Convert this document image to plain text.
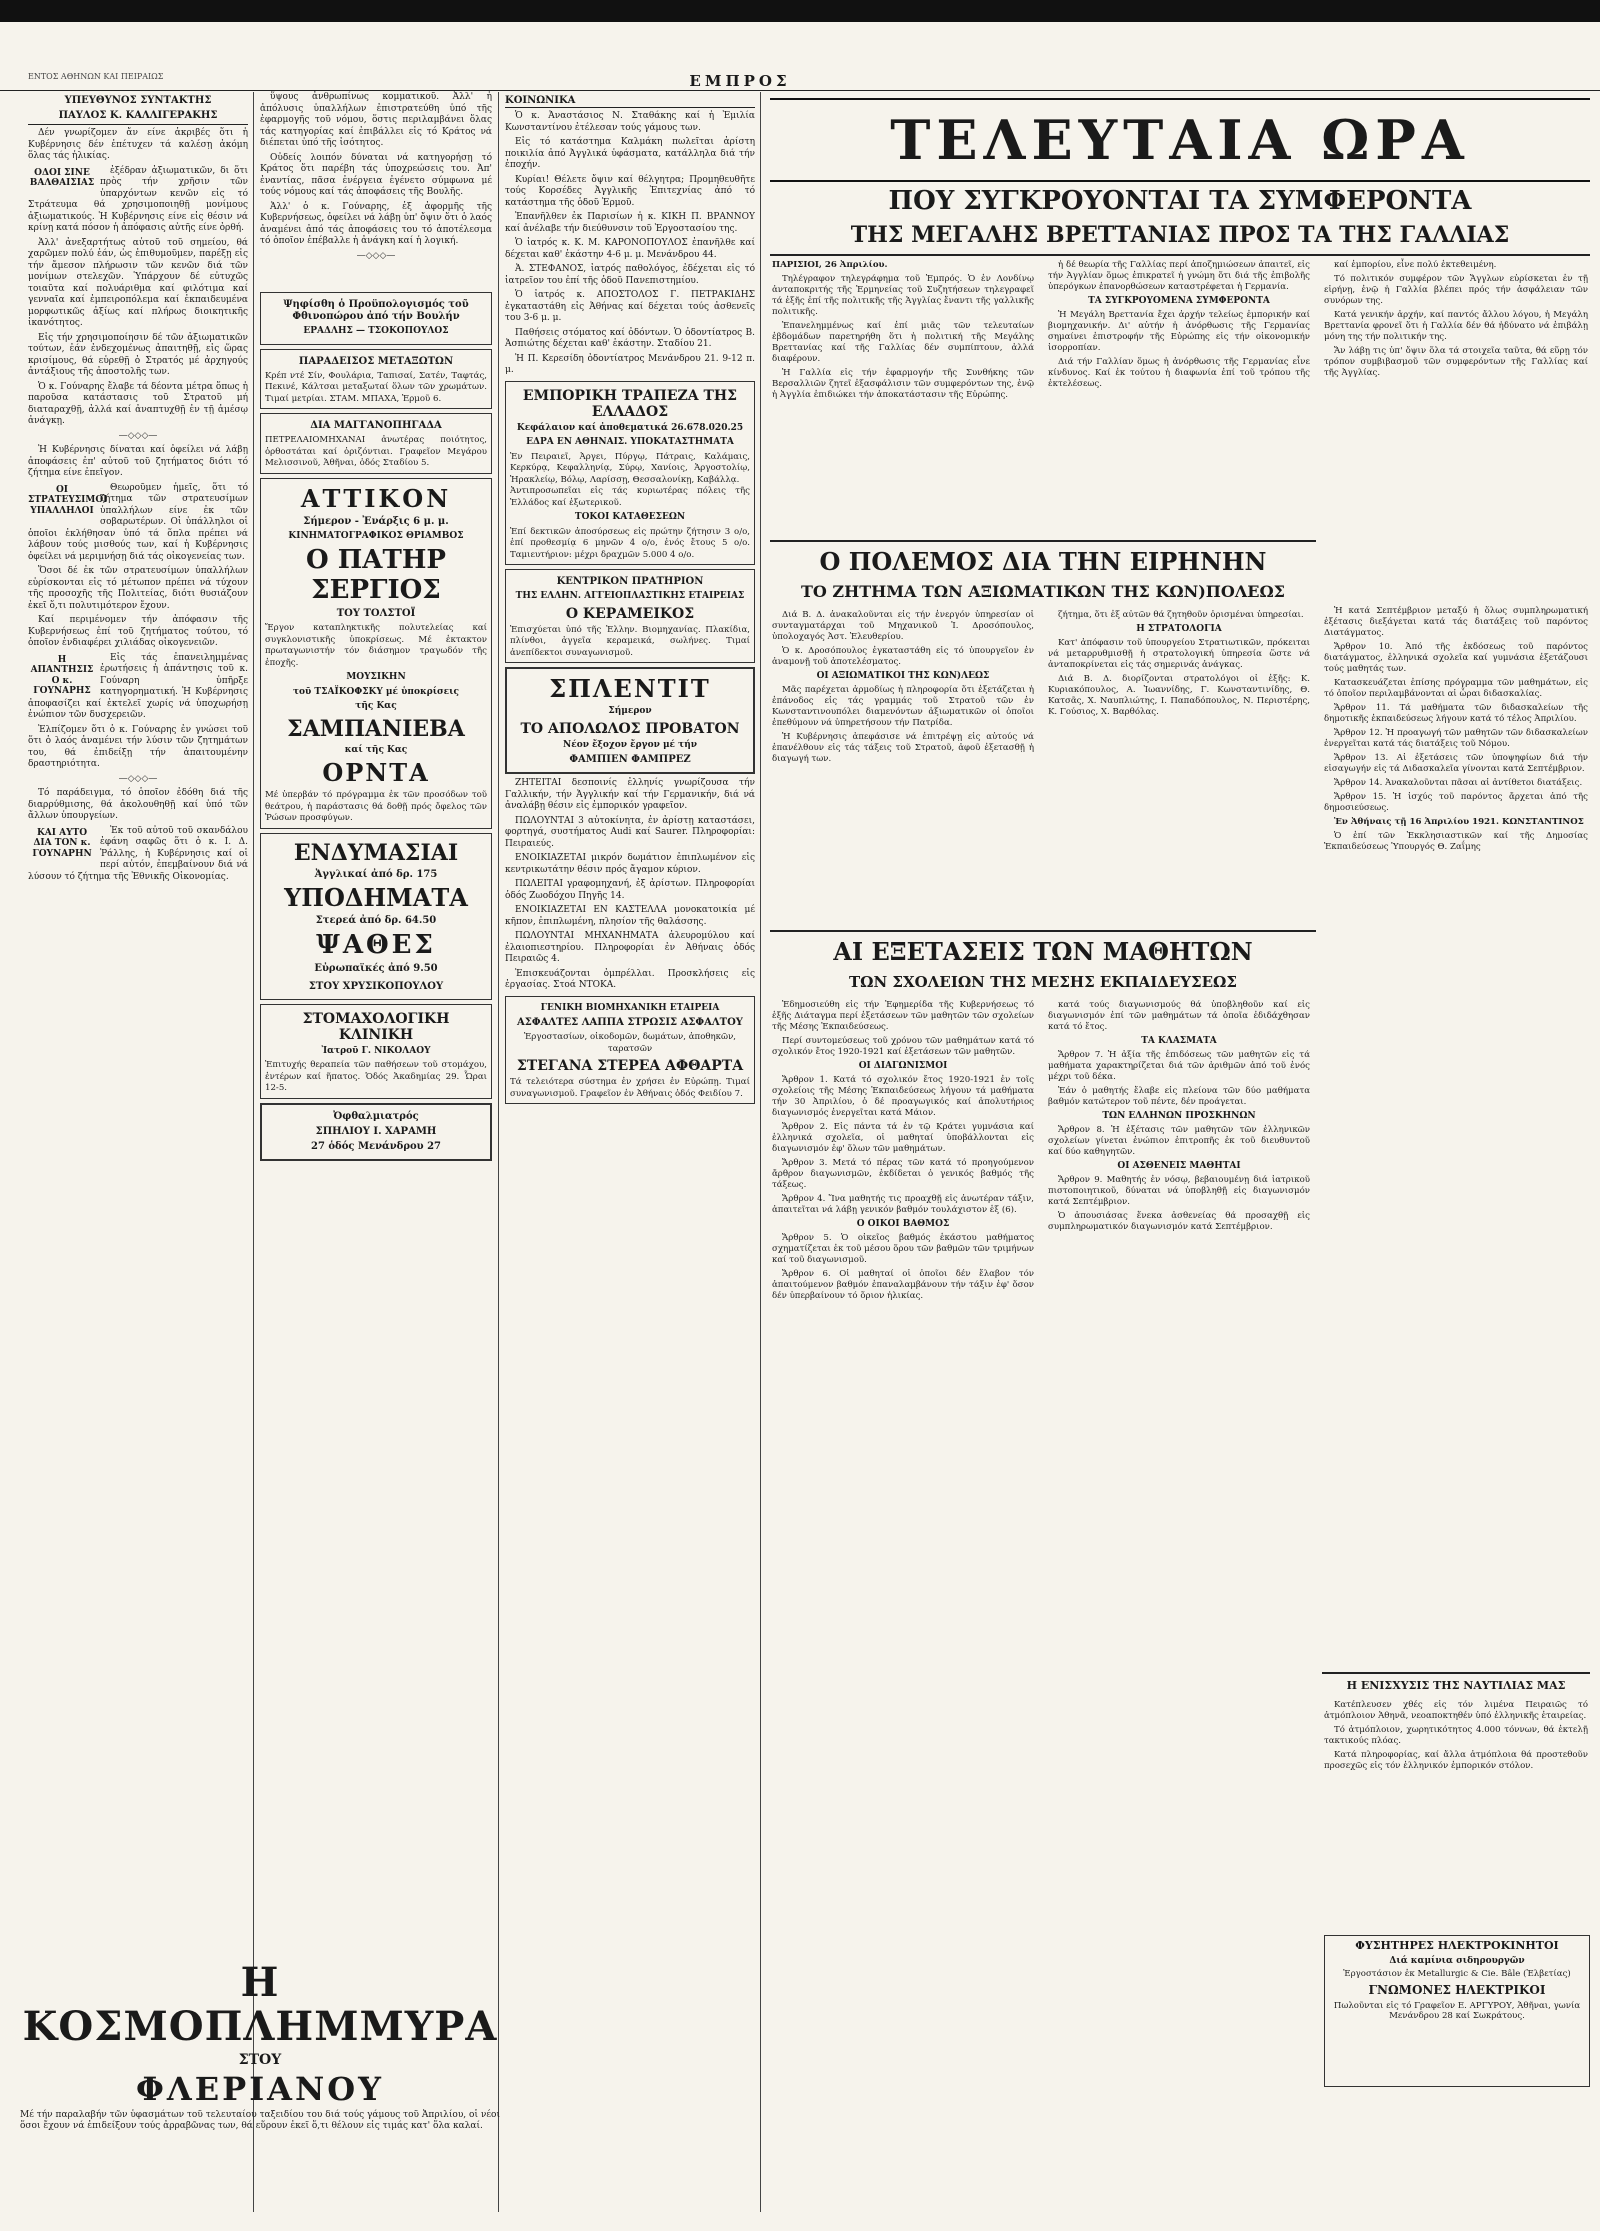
ΕΝΤΟΣ ΑΘΗΝΩΝ ΚΑΙ ΠΕΙΡΑΙΩΣ	ΕΜΠΡΟΣ
ΥΠΕΥΘΥΝΟΣ ΣΥΝΤΑΚΤΗΣ
ΠΑΥΛΟΣ Κ. ΚΑΛΛΙΓΕΡΑΚΗΣ

Δέν γνωρίζομεν ἄν είνε ἀκριβές ὅτι ἡ Κυβέρνησις δέν ἐπέτυχεν τά καλέσῃ ἀκόμη ὅλας τάς ἡλικίας.

ΟΔΟΙ ΣΙΝΕ ΒΑΛΘΑΙΣΙΑΣ

ἐξέδραν ἀξιωματικῶν, δι ὅτι πρὸς τήν χρῆσιν τῶν ὑπαρχόντων κενῶν εἰς τό Στράτευμα θά χρησιμοποιηθῇ μονίμους ἀξιωματικούς. Ἡ Κυβέρνησις είνε εἰς θέσιν νά κρίνῃ κατά πόσον ἡ ἀπόφασις αὐτῆς είνε ὀρθή.

Ἀλλ' ἀνεξαρτήτως αὐτοῦ τοῦ σημείου, θά χαρῶμεν πολύ ἐάν, ὡς ἐπιθυμοῦμεν, παρέξῃ εἰς τήν ἄμεσον πλήρωσιν τῶν κενῶν διά τῶν μονίμων στελεχῶν. Ὑπάρχουν δέ εὐτυχῶς τοιαῦτα καί πολυάριθμα καί φιλότιμα καί γενναῖα καί ἐμπειροπόλεμα καί ἐκπαιδευμένα μορφωτικῶς ἀξίως καί πλήρως διοικητικῆς ἱκανότητος.

Εἰς τήν χρησιμοποίησιν δέ τῶν ἀξιωματικῶν τούτων, ἐάν ἐνδεχομένως ἀπαιτηθῇ, εἰς ὥρας κρισίμους, θά εὑρεθῇ ὁ Στρατός μέ ἀρχηγούς ἀντάξιους τῆς ἀποστολῆς των.

Ὁ κ. Γούναρης ἔλαβε τά δέοντα μέτρα ὅπως ἡ παροῦσα κατάστασις τοῦ Στρατοῦ μή διαταραχθῇ, ἀλλά καί ἀναπτυχθῇ ἐν τῇ ἀμέσῳ ἀνάγκῃ.

—◇◇◇—

Ἡ Κυβέρνησις δίναται καί ὀφείλει νά λάβῃ ἀποφάσεις ἐπ' αὐτοῦ τοῦ ζητήματος διότι τό ζήτημα είνε ἐπεῖγον.

ΟΙ ΣΤΡΑΤΕΥΣΙΜΟΙ ΥΠΑΛΛΗΛΟΙ

Θεωροῦμεν ἡμεῖς, ὅτι τό ζήτημα τῶν στρατευσίμων ὑπαλλήλων είνε ἐκ τῶν σοβαρωτέρων. Οἱ ὑπάλληλοι οἱ ὁποῖοι ἐκλήθησαν ὑπό τά ὅπλα πρέπει νά λάβουν τούς μισθούς των, καί ἡ Κυβέρνησις ὀφείλει νά μεριμνήσῃ διά τάς οἰκογενείας των.

Ὅσοι δέ ἐκ τῶν στρατευσίμων ὑπαλλήλων εὑρίσκονται εἰς τό μέτωπον πρέπει νά τύχουν τῆς προσοχῆς τῆς Πολιτείας, διότι θυσιάζουν ἐκεῖ ὅ,τι πολυτιμότερον ἔχουν.

Καί περιμένομεν τήν ἀπόφασιν τῆς Κυβερνήσεως ἐπί τοῦ ζητήματος τούτου, τό ὁποῖον ἐνδιαφέρει χιλιάδας οἰκογενειῶν.

Η ΑΠΑΝΤΗΣΙΣ Ο κ. ΓΟΥΝΑΡΗΣ

Εἰς τάς ἐπανειλημμένας ἐρωτήσεις ἡ ἀπάντησις τοῦ κ. Γούναρη ὑπῆρξε κατηγορηματική. Ἡ Κυβέρνησις ἀποφασίζει καί ἐκτελεῖ χωρίς νά ὑποχωρήσῃ ἐνώπιον τῶν δυσχερειῶν.

Ἐλπίζομεν ὅτι ὁ κ. Γούναρης ἐν γνώσει τοῦ ὅτι ὁ λαός ἀναμένει τήν λύσιν τῶν ζητημάτων του, θά ἐπιδείξῃ τήν ἀπαιτουμένην δραστηριότητα.

—◇◇◇—

Τό παράδειγμα, τό ὁποῖον ἐδόθη διά τῆς διαρρύθμισης, θά ἀκολουθηθῇ καί ὑπό τῶν ἄλλων ὑπουργείων.

ΚΑΙ ΑΥΤΟ ΔΙΑ ΤΟΝ κ. ΓΟΥΝΑΡΗΝ

Ἐκ τοῦ αὐτοῦ τοῦ σκανδάλου ἐφάνη σαφῶς ὅτι ὁ κ. Ι. Δ. Ῥάλλης, ἡ Κυβέρνησις καί οἱ περί αὐτόν, ἐπεμβαίνουν διά νά λύσουν τό ζήτημα τῆς Ἐθνικῆς Οἰκονομίας.

Η ΚΟΣΜΟΠΛΗΜΜΥΡΑ
ΣΤΟΥ
ΦΛΕΡΙΑΝΟΥ
Μέ τήν παραλαβήν τῶν ὑφασμάτων τοῦ τελευταίου ταξειδίου του διά τούς γάμους τοῦ Ἀπριλίου, οἱ νέοι ὅσοι ἔχουν νά ἐπιδείξουν τούς ἀρραβῶνας των, θά εὕρουν ἐκεῖ ὅ,τι θέλουν εἰς τιμάς κατ' ὅλα καλαί.

ὕψους ἀνθρωπίνως κομματικοῦ. Ἀλλ' ἡ ἀπόλυσις ὑπαλλήλων ἐπιστρατεύθη ὑπό τῆς ἐφαρμογῆς τοῦ νόμου, ὅστις περιλαμβάνει ὅλας τάς κατηγορίας καί ἐπιβάλλει εἰς τό Κράτος νά διέπεται ὑπό τῆς ἰσότητος.

Οὐδείς λοιπόν δύναται νά κατηγορήσῃ τό Κράτος ὅτι παρέβη τάς ὑποχρεώσεις του. Ἀπ' ἐναντίας, πᾶσα ἐνέργεια ἐγένετο σύμφωνα μέ τούς νόμους καί τάς ἀποφάσεις τῆς Βουλῆς.

Ἀλλ' ὁ κ. Γούναρης, ἐξ ἀφορμῆς τῆς Κυβερνήσεως, ὀφείλει νά λάβῃ ὑπ' ὄψιν ὅτι ὁ λαός ἀναμένει ἀπό τάς ἀποφάσεις του τό ἀποτέλεσμα τό ὁποῖον ἐπέβαλλε ἡ ἀνάγκη καί ἡ λογική.

—◇◇◇—
Ψηφίσθη ὁ Προϋπολογισμός τοῦ Φθινοπώρου ἀπό τήν Βουλήν
ΕΡΑΔΛΗΣ — ΤΣΟΚΟΠΟΥΛΟΣ
ΠΑΡΑΔΕΙΣΟΣ ΜΕΤΑΞΩΤΩΝ
Κρέπ ντέ Σίν, Φουλάρια, Ταπισαί, Σατέν, Ταφτάς, Πεκινέ, Κάλτσαι μεταξωταί ὅλων τῶν χρωμάτων. Τιμαί μετρίαι. ΣΤΑΜ. ΜΠΑΧΑ, Ἑρμοῦ 6.
ΔΙΑ ΜΑΓΓΑΝΟΠΗΓΑΔΑ
ΠΕΤΡΕΛΑΙΟΜΗΧΑΝΑΙ ἀνωτέρας ποιότητος, ὀρθοστάται καί ὁριζόντιαι. Γραφεῖον Μεγάρου Μελισσινοῦ, Ἀθῆναι, ὁδός Σταδίου 5.
ΑΤΤΙΚΟΝ
Σήμερον - Ἐνάρξις 6 μ. μ.
ΚΙΝΗΜΑΤΟΓΡΑΦΙΚΟΣ ΘΡΙΑΜΒΟΣ
Ο ΠΑΤΗΡ ΣΕΡΓΙΟΣ
ΤΟΥ ΤΟΛΣΤΟΪ
Ἔργον καταπληκτικῆς πολυτελείας καί συγκλονιστικῆς ὑποκρίσεως. Μέ ἐκτακτον πρωταγωνιστήν τόν διάσημον τραγωδόν τῆς ἐποχῆς.
ΜΟΥΣΙΚΗΝ
τοῦ ΤΣΑΪΚΟΦΣΚΥ μέ ὑποκρίσεις
τῆς Κας
ΣΑΜΠΑΝΙΕΒΑ
καί τῆς Κας
ΟΡΝΤΑ
Μέ ὑπερβάν τό πρόγραμμα ἐκ τῶν προσόδων τοῦ θεάτρου, ἡ παράστασις θά δοθῇ πρός ὄφελος τῶν Ῥώσων προσφύγων.
ΕΝΔΥΜΑΣΙΑΙ
Ἀγγλικαί ἀπό δρ. 175
ΥΠΟΔΗΜΑΤΑ
Στερεά ἀπό δρ. 64.50
ΨΑΘΕΣ
Εὐρωπαϊκές ἀπό 9.50
ΣΤΟΥ ΧΡΥΣΙΚΟΠΟΥΛΟΥ
ΣΤΟΜΑΧΟΛΟΓΙΚΗ ΚΛΙΝΙΚΗ
Ἰατροῦ Γ. ΝΙΚΟΛΑΟΥ
Ἐπιτυχής θεραπεία τῶν παθήσεων τοῦ στομάχου, ἐντέρων καί ἥπατος. Ὁδός Ἀκαδημίας 29. Ὧραι 12-5.
Ὀφθαλμιατρός
ΣΠΗΛΙΟΥ Ι. ΧΑΡΑΜΗ
27 ὁδός Μενάνδρου 27
ΚΟΙΝΩΝΙΚΑ

Ὁ κ. Ἀναστάσιος Ν. Σταθάκης καί ἡ Ἐμιλία Κωνσταντίνου ἐτέλεσαν τούς γάμους των.

Εἰς τό κατάστημα Καλμάκη πωλεῖται ἀρίστη ποικιλία ἀπό Ἀγγλικά ὑφάσματα, κατάλληλα διά τήν ἐποχήν.

Κυρίαι! Θέλετε ὄψιν καί θέλγητρα; Προμηθευθῆτε τούς Κορσέδες Ἀγγλικῆς Ἐπιτεχνίας ἀπό τό κατάστημα τῆς ὁδοῦ Ἑρμοῦ.

Ἐπανῆλθεν ἐκ Παρισίων ἡ κ. ΚΙΚΗ Π. ΒΡΑΝΝΟΥ καί ἀνέλαβε τήν διεύθυνσιν τοῦ Ἐργοστασίου της.

Ὁ ἰατρός κ. Κ. Μ. ΚΑΡΟΝΟΠΟΥΛΟΣ ἐπανῆλθε καί δέχεται καθ' ἑκάστην 4-6 μ. μ. Μενάνδρου 44.

Ἀ. ΣΤΕΦΑΝΟΣ, ἰατρός παθολόγος, ἐδέχεται εἰς τό ἰατρεῖον του ἐπί τῆς ὁδοῦ Πανεπιστημίου.

Ὁ ἰατρός κ. ΑΠΟΣΤΟΛΟΣ Γ. ΠΕΤΡΑΚΙΔΗΣ ἐγκαταστάθη εἰς Ἀθήνας καί δέχεται τούς ἀσθενεῖς του 3-6 μ. μ.

Παθήσεις στόματος καί ὀδόντων. Ὁ ὀδοντίατρος Β. Ἀσπιώτης δέχεται καθ' ἑκάστην. Σταδίου 21.

Ἡ Π. Κερεσίδη ὀδοντίατρος Μενάνδρου 21. 9-12 π. μ.

ΕΜΠΟΡΙΚΗ ΤΡΑΠΕΖΑ ΤΗΣ ΕΛΛΑΔΟΣ
Κεφάλαιον καί ἀποθεματικά 26.678.020.25
ΕΔΡΑ ΕΝ ΑΘΗΝΑΙΣ. ΥΠΟΚΑΤΑΣΤΗΜΑΤΑ
Ἐν Πειραιεῖ, Ἀργει, Πύργῳ, Πάτραις, Καλάμαις, Κερκύρᾳ, Κεφαλληνίᾳ, Σύρῳ, Χανίοις, Ἀργοστολίῳ, Ἡρακλείῳ, Βόλῳ, Λαρίσσῃ, Θεσσαλονίκῃ, Καβάλλᾳ.
Ἀντιπροσωπεῖαι εἰς τάς κυριωτέρας πόλεις τῆς Ἑλλάδος καί ἐξωτερικοῦ.
ΤΟΚΟΙ ΚΑΤΑΘΕΣΕΩΝ
Ἐπί δεκτικῶν ἀποσύρσεως εἰς πρώτην ζήτησιν 3 ο/ο, ἐπί προθεσμίᾳ 6 μηνῶν 4 ο/ο, ἐνός ἔτους 5 ο/ο. Ταμιευτήριον: μέχρι δραχμῶν 5.000 4 ο/ο.
ΚΕΝΤΡΙΚΟΝ ΠΡΑΤΗΡΙΟΝ
ΤΗΣ ΕΛΛΗΝ. ΑΓΓΕΙΟΠΛΑΣΤΙΚΗΣ ΕΤΑΙΡΕΙΑΣ
Ο ΚΕΡΑΜΕΙΚΟΣ
Ἐπισχύεται ὑπό τῆς Ἑλλην. Βιομηχανίας. Πλακίδια, πλίνθοι, ἀγγεῖα κεραμεικά, σωλήνες. Τιμαί ἀνεπίδεκτοι συναγωνισμοῦ.
ΣΠΛΕΝΤΙΤ
Σήμερον
ΤΟ ΑΠΟΛΩΛΟΣ ΠΡΟΒΑΤΟΝ
Νέον ἔξοχον ἔργον μέ τήν
ΦΑΜΠΙΕΝ ΦΑΜΠΡΕΖ

ΖΗΤΕΙΤΑΙ δεσποινίς ἐλληνίς γνωρίζουσα τήν Γαλλικήν, τήν Ἀγγλικήν καί τήν Γερμανικήν, διά νά ἀναλάβῃ θέσιν εἰς ἐμπορικόν γραφεῖον.

ΠΩΛΟΥΝΤΑΙ 3 αὐτοκίνητα, ἐν ἀρίστῃ καταστάσει, φορτηγά, συστήματος Audi καί Saurer. Πληροφορίαι: Πειραιεύς.

ΕΝΟΙΚΙΑΖΕΤΑΙ μικρόν δωμάτιον ἐπιπλωμένον εἰς κεντρικωτάτην θέσιν πρός ἄγαμον κύριον.

ΠΩΛΕΙΤΑΙ γραφομηχανή, ἐξ ἀρίστων. Πληροφορίαι ὁδός Ζωοδόχου Πηγῆς 14.

ΕΝΟΙΚΙΑΖΕΤΑΙ ΕΝ ΚΑΣΤΕΛΛΑ μονοκατοικία μέ κῆπον, ἐπιπλωμένη, πλησίον τῆς θαλάσσης.

ΠΩΛΟΥΝΤΑΙ ΜΗΧΑΝΗΜΑΤΑ ἀλευρομύλου καί ἐλαιοπιεστηρίου. Πληροφορίαι ἐν Ἀθήναις ὁδός Πειραιῶς 4.

Ἐπισκευάζονται ὀμπρέλλαι. Προσκλήσεις εἰς ἐργασίας. Στοά ΝΤΟΚΑ.

ΓΕΝΙΚΗ ΒΙΟΜΗΧΑΝΙΚΗ ΕΤΑΙΡΕΙΑ
ΑΣΦΑΛΤΕΣ ΛΑΠΠΑ ΣΤΡΩΣΙΣ ΑΣΦΑΛΤΟΥ
Ἐργοστασίων, οἰκοδομῶν, δωμάτων, ἀποθηκῶν, ταρατσῶν
ΣΤΕΓΑΝΑ ΣΤΕΡΕΑ ΑΦΘΑΡΤΑ
Τά τελειότερα σύστημα ἐν χρήσει ἐν Εὐρώπῃ. Τιμαί συναγωνισμοῦ. Γραφεῖον ἐν Ἀθήναις ὁδός Φειδίου 7.
ΤΕΛΕΥΤΑΙΑ ΩΡΑ
ΠΟΥ ΣΥΓΚΡΟΥΟΝΤΑΙ ΤΑ ΣΥΜΦΕΡΟΝΤΑ
ΤΗΣ ΜΕΓΑΛΗΣ ΒΡΕΤΤΑΝΙΑΣ ΠΡΟΣ ΤΑ ΤΗΣ ΓΑΛΛΙΑΣ

ΠΑΡΙΣΙΟΙ, 26 Ἀπριλίου.

Τηλέγραφον τηλεγράφημα τοῦ Ἐμπρός. Ὁ ἐν Λονδίνῳ ἀνταποκριτής τῆς Ἑρμηνείας τοῦ Συζητήσεων τηλεγραφεῖ τά ἑξῆς ἐπί τῆς πολιτικῆς τῆς Ἀγγλίας ἔναντι τῆς γαλλικῆς πολιτικῆς.

Ἐπανελημμένως καί ἐπί μιᾶς τῶν τελευταίων ἐβδομάδων παρετηρήθη ὅτι ἡ πολιτική τῆς Μεγάλης Βρεττανίας καί τῆς Γαλλίας δέν συμπίπτουν, ἀλλά διαφέρουν.

Ἡ Γαλλία εἰς τήν ἐφαρμογήν τῆς Συνθήκης τῶν Βερσαλλιῶν ζητεῖ ἐξασφάλισιν τῶν συμφερόντων της, ἐνῷ ἡ Ἀγγλία ἐπιδιώκει τήν ἀποκατάστασιν τῆς Εὐρώπης.

ἡ δέ θεωρία τῆς Γαλλίας περί ἀποζημιώσεων ἀπαιτεῖ, εἰς τήν Ἀγγλίαν ὅμως ἐπικρατεῖ ἡ γνώμη ὅτι διά τῆς ἐπιβολῆς ὑπερόγκων ἐπανορθώσεων καταστρέφεται ἡ Γερμανία.

ΤΑ ΣΥΓΚΡΟΥΟΜΕΝΑ ΣΥΜΦΕΡΟΝΤΑ

Ἡ Μεγάλη Βρεττανία ἔχει ἀρχήν τελείως ἐμπορικήν καί βιομηχανικήν. Δι' αὐτήν ἡ ἀνόρθωσις τῆς Γερμανίας σημαίνει ἐπιστροφήν τῆς Εὐρώπης εἰς τήν οἰκονομικήν ἰσορροπίαν.

Διά τήν Γαλλίαν ὅμως ἡ ἀνόρθωσις τῆς Γερμανίας εἶνε κίνδυνος. Καί ἐκ τούτου ἡ διαφωνία ἐπί τοῦ τρόπου τῆς ἐκτελέσεως.

καί ἐμπορίου, εἶνε πολύ ἐκτεθειμένη.

Τό πολιτικόν συμφέρον τῶν Ἄγγλων εὑρίσκεται ἐν τῇ εἰρήνῃ, ἐνῷ ἡ Γαλλία βλέπει πρός τήν ἀσφάλειαν τῶν συνόρων της.

Κατά γενικήν ἀρχήν, καί παντός ἄλλου λόγου, ἡ Μεγάλη Βρεττανία φρονεῖ ὅτι ἡ Γαλλία δέν θά ἠδύνατο νά ἐπιβάλῃ μόνη της τήν πολιτικήν της.

Ἄν λάβῃ τις ὑπ' ὄψιν ὅλα τά στοιχεῖα ταῦτα, θά εὕρῃ τόν τρόπον συμβιβασμοῦ τῶν συμφερόντων τῆς Γαλλίας καί τῆς Ἀγγλίας.

Ο ΠΟΛΕΜΟΣ ΔΙΑ ΤΗΝ ΕΙΡΗΝΗΝ
ΤΟ ΖΗΤΗΜΑ ΤΩΝ ΑΞΙΩΜΑΤΙΚΩΝ ΤΗΣ ΚΩΝ)ΠΟΛΕΩΣ

Διά Β. Δ. ἀνακαλοῦνται εἰς τήν ἐνεργόν ὑπηρεσίαν οἱ συνταγματάρχαι τοῦ Μηχανικοῦ Ἰ. Δροσόπουλος, ὑπολοχαγός Ἀστ. Ἐλευθερίου.

Ὁ κ. Δροσόπουλος ἐγκαταστάθη εἰς τό ὑπουργεῖον ἐν ἀναμονῇ τοῦ ἀποτελέσματος.

ΟΙ ΑΞΙΩΜΑΤΙΚΟΙ ΤΗΣ ΚΩΝ)ΛΕΩΣ

Μᾶς παρέχεται ἁρμοδίως ἡ πληροφορία ὅτι ἐξετάζεται ἡ ἐπάνοδος εἰς τάς γραμμάς τοῦ Στρατοῦ τῶν ἐν Κωνσταντινουπόλει διαμενόντων ἀξιωματικῶν οἱ ὁποῖοι ἐπεθύμουν νά ὑπηρετήσουν τήν Πατρίδα.

Ἡ Κυβέρνησις ἀπεφάσισε νά ἐπιτρέψῃ εἰς αὐτούς νά ἐπανέλθουν εἰς τάς τάξεις τοῦ Στρατοῦ, ἀφοῦ ἐξετασθῇ ἡ διαγωγή των.

ζήτημα, ὅτι ἐξ αὐτῶν θά ζητηθοῦν ὁρισμέναι ὑπηρεσίαι.

Η ΣΤΡΑΤΟΛΟΓΙΑ

Κατ' ἀπόφασιν τοῦ ὑπουργείου Στρατιωτικῶν, πρόκειται νά μεταρρυθμισθῇ ἡ στρατολογική ὑπηρεσία ὥστε νά ἀνταποκρίνεται εἰς τάς σημερινάς ἀνάγκας.

Διά Β. Δ. διορίζονται στρατολόγοι οἱ ἑξῆς: Κ. Κυριακόπουλος, Α. Ἰωαννίδης, Γ. Κωνσταντινίδης, Θ. Κατσᾶς, Χ. Ναυπλιώτης, Ι. Παπαδόπουλος, Ν. Περιστέρης, Κ. Γούσιος, Χ. Βαρθόλας.

ΑΙ ΕΞΕΤΑΣΕΙΣ ΤΩΝ ΜΑΘΗΤΩΝ
ΤΩΝ ΣΧΟΛΕΙΩΝ ΤΗΣ ΜΕΣΗΣ ΕΚΠΑΙΔΕΥΣΕΩΣ

Ἐδημοσιεύθη εἰς τήν Ἐφημερίδα τῆς Κυβερνήσεως τό ἑξῆς Διάταγμα περί ἐξετάσεων τῶν μαθητῶν τῶν σχολείων τῆς Μέσης Ἐκπαιδεύσεως.

Περί συντομεύσεως τοῦ χρόνου τῶν μαθημάτων κατά τό σχολικόν ἔτος 1920-1921 καί ἐξετάσεων τῶν μαθητῶν.

ΟΙ ΔΙΑΓΩΝΙΣΜΟΙ

Ἄρθρον 1. Κατά τό σχολικόν ἔτος 1920-1921 ἐν τοῖς σχολείοις τῆς Μέσης Ἐκπαιδεύσεως λήγουν τά μαθήματα τήν 30 Ἀπριλίου, ὁ δέ προαγωγικός καί ἀπολυτήριος διαγωνισμός ἐνεργεῖται κατά Μάιον.

Ἄρθρον 2. Εἰς πάντα τά ἐν τῷ Κράτει γυμνάσια καί ἑλληνικά σχολεῖα, οἱ μαθηταί ὑποβάλλονται εἰς διαγωνισμόν ἐφ' ὅλων τῶν μαθημάτων.

Ἄρθρον 3. Μετά τό πέρας τῶν κατά τό προηγούμενον ἄρθρον διαγωνισμῶν, ἐκδίδεται ὁ γενικός βαθμός τῆς τάξεως.

Ἄρθρον 4. Ἵνα μαθητής τις προαχθῇ εἰς ἀνωτέραν τάξιν, ἀπαιτεῖται νά λάβῃ γενικόν βαθμόν τουλάχιστον ἑξ (6).

Ο ΟΙΚΟΙ ΒΑΘΜΟΣ

Ἄρθρον 5. Ὁ οἰκεῖος βαθμός ἑκάστου μαθήματος σχηματίζεται ἐκ τοῦ μέσου ὅρου τῶν βαθμῶν τῶν τριμήνων καί τοῦ διαγωνισμοῦ.

Ἄρθρον 6. Οἱ μαθηταί οἱ ὁποῖοι δέν ἔλαβον τόν ἀπαιτούμενον βαθμόν ἐπαναλαμβάνουν τήν τάξιν ἐφ' ὅσον δέν ὑπερβαίνουν τό ὅριον ἡλικίας.

κατά τούς διαγωνισμούς θά ὑποβληθοῦν καί εἰς διαγωνισμόν ἐπί τῶν μαθημάτων τά ὁποῖα ἐδιδάχθησαν κατά τό ἔτος.

ΤΑ ΚΛΑΣΜΑΤΑ

Ἄρθρον 7. Ἡ ἀξία τῆς ἐπιδόσεως τῶν μαθητῶν εἰς τά μαθήματα χαρακτηρίζεται διά τῶν ἀριθμῶν ἀπό τοῦ ἑνός μέχρι τοῦ δέκα.

Ἐάν ὁ μαθητής ἔλαβε εἰς πλείονα τῶν δύο μαθήματα βαθμόν κατώτερον τοῦ πέντε, δέν προάγεται.

ΤΩΝ ΕΛΛΗΝΩΝ ΠΡΟΣΚΗΝΩΝ

Ἄρθρον 8. Ἡ ἐξέτασις τῶν μαθητῶν τῶν ἑλληνικῶν σχολείων γίνεται ἐνώπιον ἐπιτροπῆς ἐκ τοῦ διευθυντοῦ καί δύο καθηγητῶν.

ΟΙ ΑΣΘΕΝΕΙΣ ΜΑΘΗΤΑΙ

Ἄρθρον 9. Μαθητής ἐν νόσῳ, βεβαιουμένῃ διά ἰατρικοῦ πιστοποιητικοῦ, δύναται νά ὑποβληθῇ εἰς διαγωνισμόν κατά Σεπτέμβριον.

Ὁ ἀπουσιάσας ἕνεκα ἀσθενείας θά προσαχθῇ εἰς συμπληρωματικόν διαγωνισμόν κατά Σεπτέμβριον.

Ἡ κατά Σεπτέμβριον μεταξύ ἡ ὅλως συμπληρωματική ἐξέτασις διεξάγεται κατά τάς διατάξεις τοῦ παρόντος Διατάγματος.

Ἄρθρον 10. Ἀπό τῆς ἐκδόσεως τοῦ παρόντος διατάγματος, ἑλληνικά σχολεῖα καί γυμνάσια ἐξετάζουσι τούς μαθητάς των.

Κατασκευάζεται ἐπίσης πρόγραμμα τῶν μαθημάτων, εἰς τό ὁποῖον περιλαμβάνονται αἱ ὧραι διδασκαλίας.

Ἄρθρον 11. Τά μαθήματα τῶν διδασκαλείων τῆς δημοτικῆς ἐκπαιδεύσεως λήγουν κατά τό τέλος Ἀπριλίου.

Ἄρθρον 12. Ἡ προαγωγή τῶν μαθητῶν τῶν διδασκαλείων ἐνεργεῖται κατά τάς διατάξεις τοῦ Νόμου.

Ἄρθρον 13. Αἱ ἐξετάσεις τῶν ὑποψηφίων διά τήν εἰσαγωγήν εἰς τά Διδασκαλεῖα γίνονται κατά Σεπτέμβριον.

Ἄρθρον 14. Ἀνακαλοῦνται πᾶσαι αἱ ἀντίθετοι διατάξεις.

Ἄρθρον 15. Ἡ ἰσχύς τοῦ παρόντος ἄρχεται ἀπό τῆς δημοσιεύσεως.

Ἐν Ἀθήναις τῇ 16 Ἀπριλίου 1921. ΚΩΝΣΤΑΝΤΙΝΟΣ

Ὁ ἐπί τῶν Ἐκκλησιαστικῶν καί τῆς Δημοσίας Ἐκπαιδεύσεως Ὑπουργός Θ. Ζαΐμης

Η ΕΝΙΣΧΥΣΙΣ ΤΗΣ ΝΑΥΤΙΛΙΑΣ ΜΑΣ

Κατέπλευσεν χθές εἰς τόν λιμένα Πειραιῶς τό ἀτμόπλοιον Ἀθηνᾶ, νεοαποκτηθέν ὑπό ἑλληνικῆς ἑταιρείας.

Τό ἀτμόπλοιον, χωρητικότητος 4.000 τόννων, θά ἐκτελῇ τακτικούς πλόας.

Κατά πληροφορίας, καί ἄλλα ἀτμόπλοια θά προστεθοῦν προσεχῶς εἰς τόν ἑλληνικόν ἐμπορικόν στόλον.

ΦΥΣΗΤΗΡΕΣ ΗΛΕΚΤΡΟΚΙΝΗΤΟΙ
Διά καμίνια σιδηρουργῶν
Ἐργοστάσιον ἐκ Metallurgic & Cie. Bâle (Ἐλβετίας)
ΓΝΩΜΟΝΕΣ ΗΛΕΚΤΡΙΚΟΙ
Πωλοῦνται εἰς τό Γραφεῖον Ε. ΑΡΓΥΡΟΥ, Ἀθῆναι, γωνία Μενάνδρου 28 καί Σωκράτους.
